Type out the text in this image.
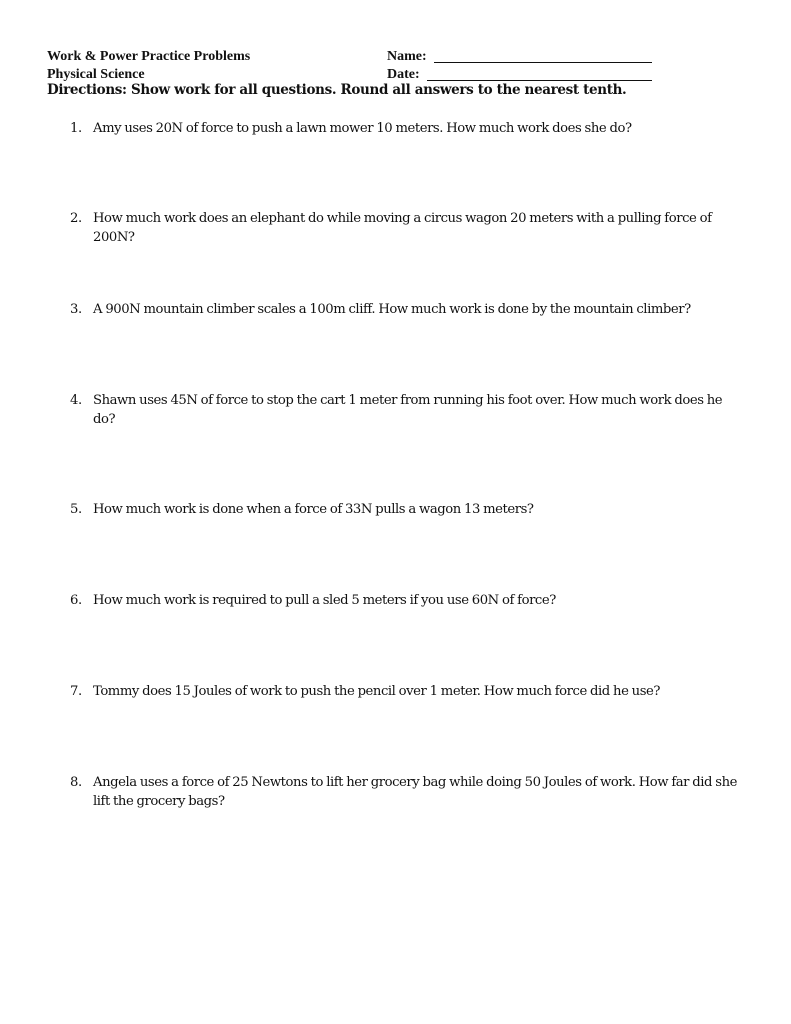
Work & Power Practice Problems
Physical Science
Name:
Date:
Directions: Show work for all questions. Round all answers to the nearest tenth.
1. Amy uses 20N of force to push a lawn mower 10 meters. How much work does she do?
2. How much work does an elephant do while moving a circus wagon 20 meters with a pulling force of 200N?
3. A 900N mountain climber scales a 100m cliff. How much work is done by the mountain climber?
4. Shawn uses 45N of force to stop the cart 1 meter from running his foot over. How much work does he do?
5. How much work is done when a force of 33N pulls a wagon 13 meters?
6. How much work is required to pull a sled 5 meters if you use 60N of force?
7. Tommy does 15 Joules of work to push the pencil over 1 meter. How much force did he use?
8. Angela uses a force of 25 Newtons to lift her grocery bag while doing 50 Joules of work. How far did she lift the grocery bags?
